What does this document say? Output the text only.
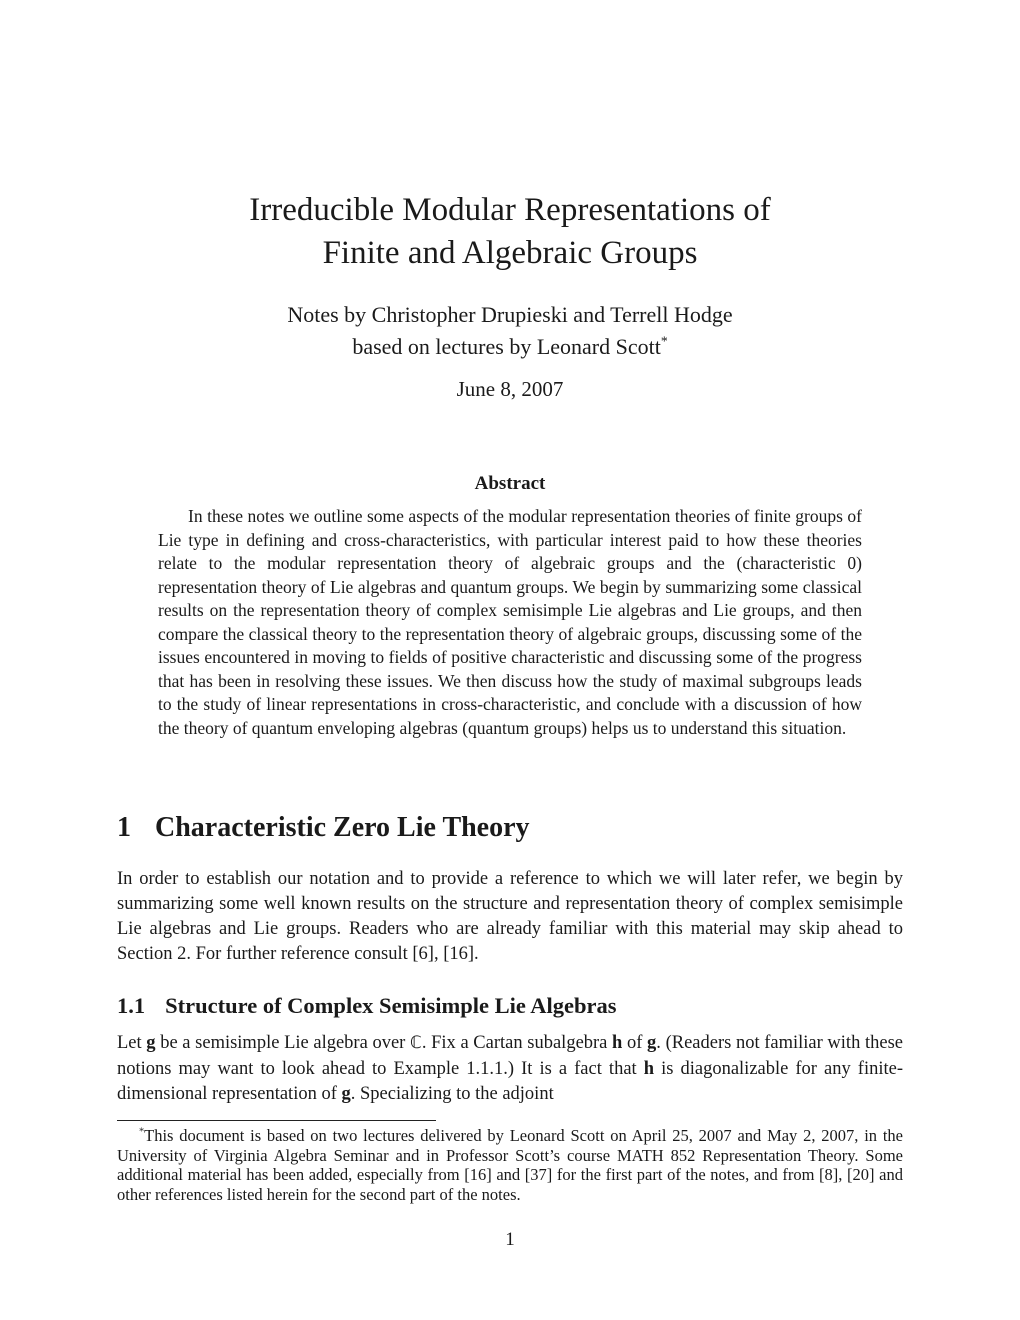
Irreducible Modular Representations of
Finite and Algebraic Groups
Notes by Christopher Drupieski and Terrell Hodge
based on lectures by Leonard Scott*
June 8, 2007
Abstract

In these notes we outline some aspects of the modular representation theories of finite groups of Lie type in defining and cross-characteristics, with particular interest paid to how these theories relate to the modular representation theory of algebraic groups and the (characteristic 0) representation theory of Lie algebras and quantum groups. We begin by summarizing some classical results on the representation theory of complex semisimple Lie algebras and Lie groups, and then compare the classical theory to the representation theory of algebraic groups, discussing some of the issues encountered in moving to fields of positive characteristic and discussing some of the progress that has been in resolving these issues. We then discuss how the study of maximal subgroups leads to the study of linear representations in cross-characteristic, and conclude with a discussion of how the theory of quantum enveloping algebras (quantum groups) helps us to understand this situation.

1 Characteristic Zero Lie Theory

In order to establish our notation and to provide a reference to which we will later refer, we begin by summarizing some well known results on the structure and representation theory of complex semisimple Lie algebras and Lie groups. Readers who are already familiar with this material may skip ahead to Section 2. For further reference consult [6], [16].

1.1 Structure of Complex Semisimple Lie Algebras

Let g be a semisimple Lie algebra over ℂ. Fix a Cartan subalgebra h of g. (Readers not familiar with these notions may want to look ahead to Example 1.1.1.) It is a fact that h is diagonalizable for any finite-dimensional representation of g. Specializing to the adjoint

*This document is based on two lectures delivered by Leonard Scott on April 25, 2007 and May 2, 2007, in the University of Virginia Algebra Seminar and in Professor Scott’s course MATH 852 Representation Theory. Some additional material has been added, especially from [16] and [37] for the first part of the notes, and from [8], [20] and other references listed herein for the second part of the notes.

1
